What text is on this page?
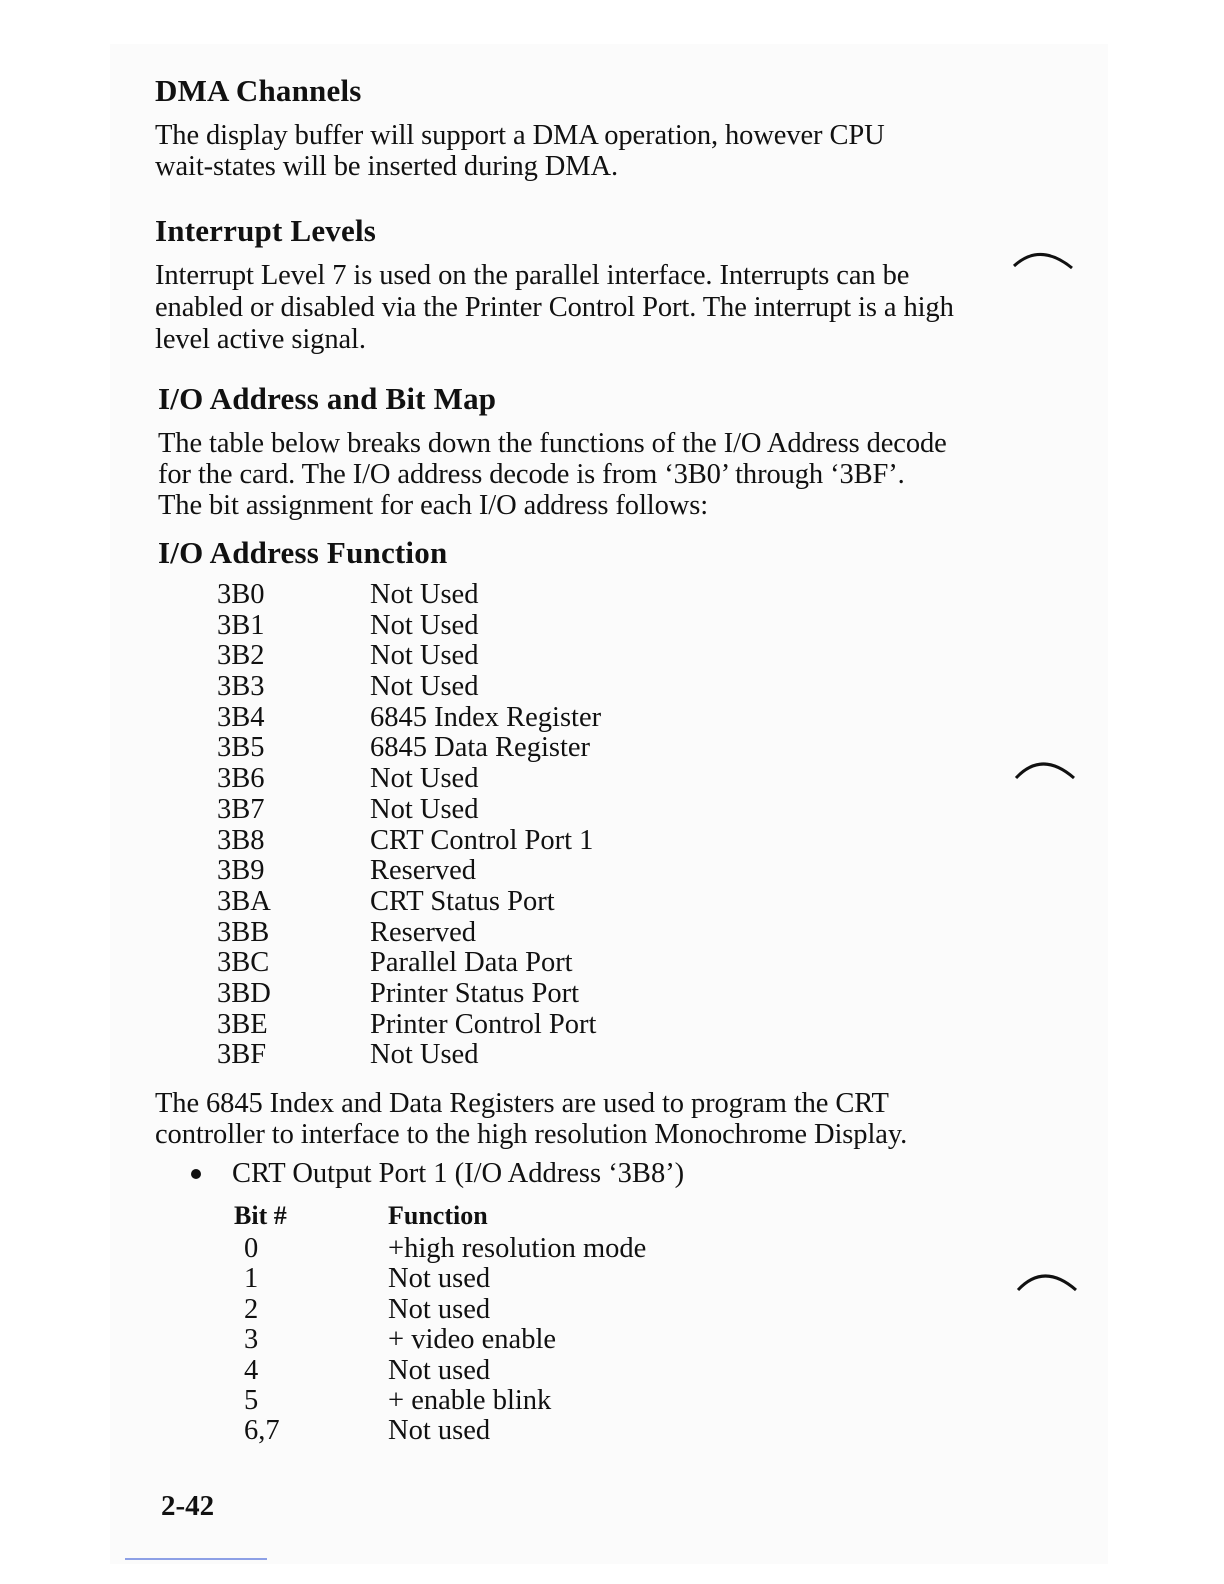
DMA Channels

The display buffer will support a DMA operation, however CPU
wait-states will be inserted during DMA.

Interrupt Levels

Interrupt Level 7 is used on the parallel interface. Interrupts can be
enabled or disabled via the Printer Control Port. The interrupt is a high
level active signal.

I/O Address and Bit Map

The table below breaks down the functions of the I/O Address decode
for the card. The I/O address decode is from ‘3B0’ through ‘3BF’.
The bit assignment for each I/O address follows:

I/O Address Function
3B0	Not Used
3B1	Not Used
3B2	Not Used
3B3	Not Used
3B4	6845 Index Register
3B5	6845 Data Register
3B6	Not Used
3B7	Not Used
3B8	CRT Control Port 1
3B9	Reserved
3BA	CRT Status Port
3BB	Reserved
3BC	Parallel Data Port
3BD	Printer Status Port
3BE	Printer Control Port
3BF	Not Used

The 6845 Index and Data Registers are used to program the CRT
controller to interface to the high resolution Monochrome Display.

CRT Output Port 1 (I/O Address ‘3B8’)
Bit #	Function
0	+high resolution mode
1	Not used
2	Not used
3	+ video enable
4	Not used
5	+ enable blink
6,7	Not used
2-42
